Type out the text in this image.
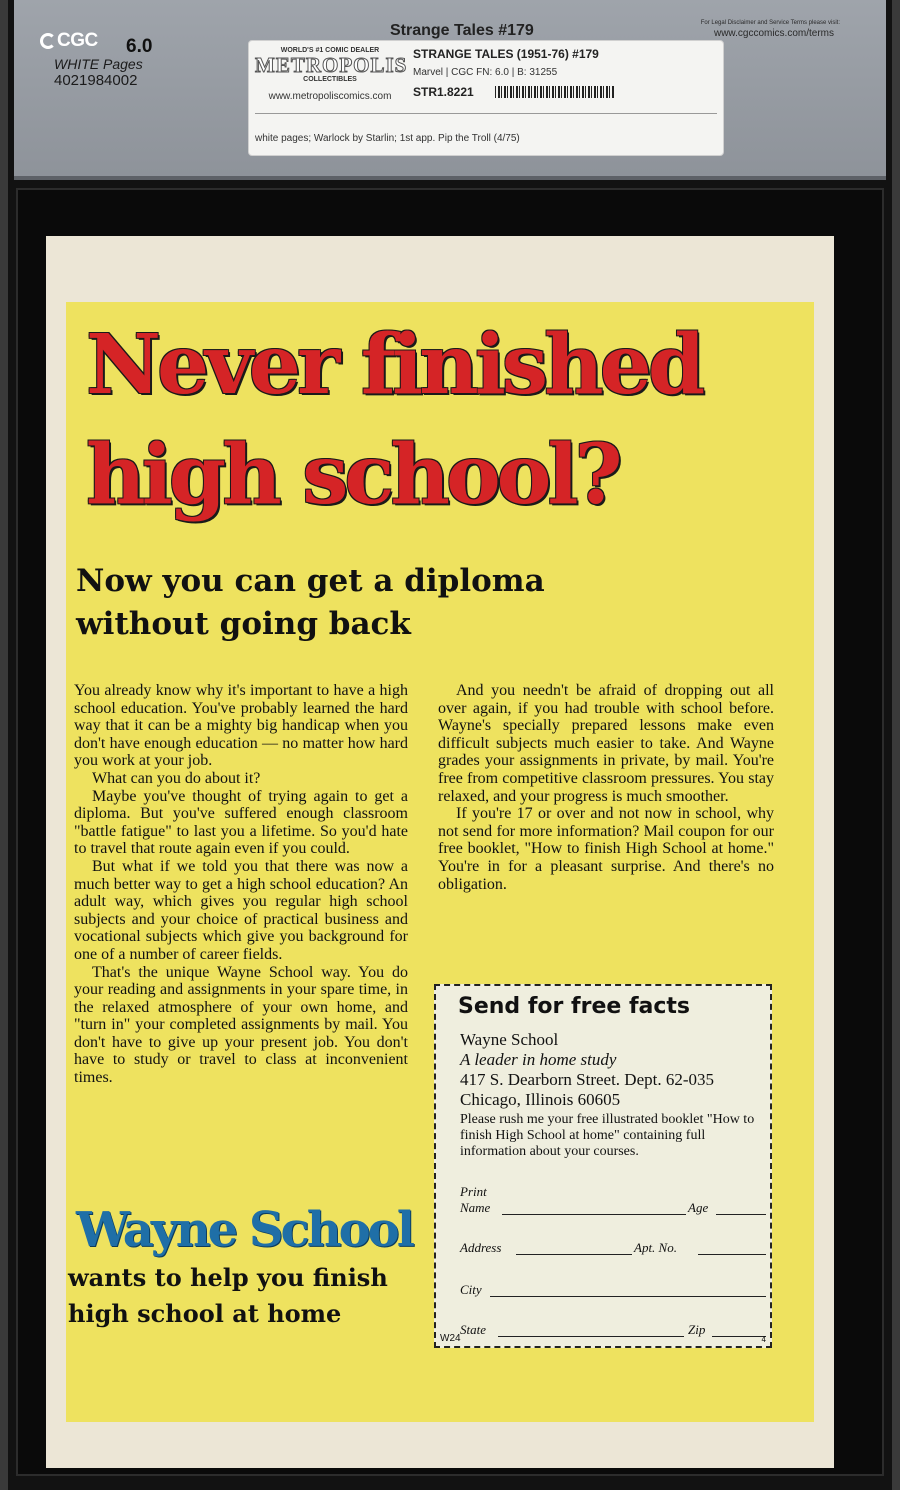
CGC 6.0
WHITE Pages
4021984002
Strange Tales #179	For Legal Disclaimer and Service Terms please visit:
www.cgccomics.com/terms
WORLD'S #1 COMIC DEALER
METROPOLIS
COLLECTIBLES
www.metropoliscomics.com
STRANGE TALES (1951-76) #179
Marvel | CGC FN: 6.0 | B: 31255
STR1.8221
white pages; Warlock by Starlin; 1st app. Pip the Troll (4/75)
Never finished
high school?
Now you can get a diploma
without going back

You already know why it's important to have a high school education. You've probably learned the hard way that it can be a mighty big handicap when you don't have enough education — no matter how hard you work at your job.

What can you do about it?

Maybe you've thought of trying again to get a diploma. But you've suffered enough classroom "battle fatigue" to last you a lifetime. So you'd hate to travel that route again even if you could.

But what if we told you that there was now a much better way to get a high school education? An adult way, which gives you regular high school subjects and your choice of practical business and vocational subjects which give you background for one of a number of career fields.

That's the unique Wayne School way. You do your reading and assignments in your spare time, in the relaxed atmosphere of your own home, and "turn in" your completed assignments by mail. You don't have to give up your present job. You don't have to study or travel to class at inconvenient times.

And you needn't be afraid of dropping out all over again, if you had trouble with school before. Wayne's specially prepared lessons make even difficult subjects much easier to take. And Wayne grades your assignments in private, by mail. You're free from competitive classroom pressures. You stay relaxed, and your progress is much smoother.

If you're 17 or over and not now in school, why not send for more information? Mail coupon for our free booklet, "How to finish High School at home." You're in for a pleasant surprise. And there's no obligation.

Wayne School
wants to help you finish
high school at home
Send for free facts
Wayne School
A leader in home study
417 S. Dearborn Street. Dept. 62-035
Chicago, Illinois 60605
Please rush me your free illustrated booklet "How to finish High School at home" containing full information about your courses.
Print
Name	Age
Address	Apt. No.
City
State	Zip
W24	4
